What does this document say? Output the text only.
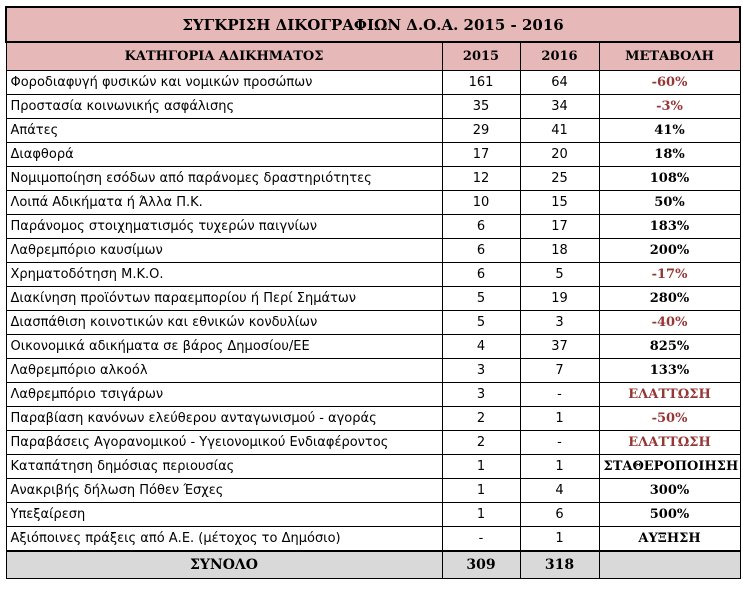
ΣΥΓΚΡΙΣΗ ΔΙΚΟΓΡΑΦΙΩΝ Δ.Ο.Α. 2015 - 2016			
ΚΑΤΗΓΟΡΙΑ ΑΔΙΚΗΜΑΤΟΣ	2015	2016	ΜΕΤΑΒΟΛΗ
Φοροδιαφυγή φυσικών και νομικών προσώπων	161	64	-60%
Προστασία κοινωνικής ασφάλισης	35	34	-3%
Απάτες	29	41	41%
Διαφθορά	17	20	18%
Νομιμοποίηση εσόδων από παράνομες δραστηριότητες	12	25	108%
Λοιπά Αδικήματα ή Άλλα Π.Κ.	10	15	50%
Παράνομος στοιχηματισμός τυχερών παιγνίων	6	17	183%
Λαθρεμπόριο καυσίμων	6	18	200%
Χρηματοδότηση Μ.Κ.Ο.	6	5	-17%
Διακίνηση προϊόντων παραεμπορίου ή Περί Σημάτων	5	19	280%
Διασπάθιση κοινοτικών και εθνικών κονδυλίων	5	3	-40%
Οικονομικά αδικήματα σε βάρος Δημοσίου/ΕΕ	4	37	825%
Λαθρεμπόριο αλκοόλ	3	7	133%
Λαθρεμπόριο τσιγάρων	3	-	ΕΛΑΤΤΩΣΗ
Παραβίαση κανόνων ελεύθερου ανταγωνισμού - αγοράς	2	1	-50%
Παραβάσεις Αγορανομικού - Υγειονομικού Ενδιαφέροντος	2	-	ΕΛΑΤΤΩΣΗ
Καταπάτηση δημόσιας περιουσίας	1	1	ΣΤΑΘΕΡΟΠΟΙΗΣΗ
Ανακριβής δήλωση Πόθεν Έσχες	1	4	300%
Υπεξαίρεση	1	6	500%
Αξιόποινες πράξεις από Α.Ε. (μέτοχος το Δημόσιο)	-	1	ΑΥΞΗΣΗ
ΣΥΝΟΛΟ	309	318	
